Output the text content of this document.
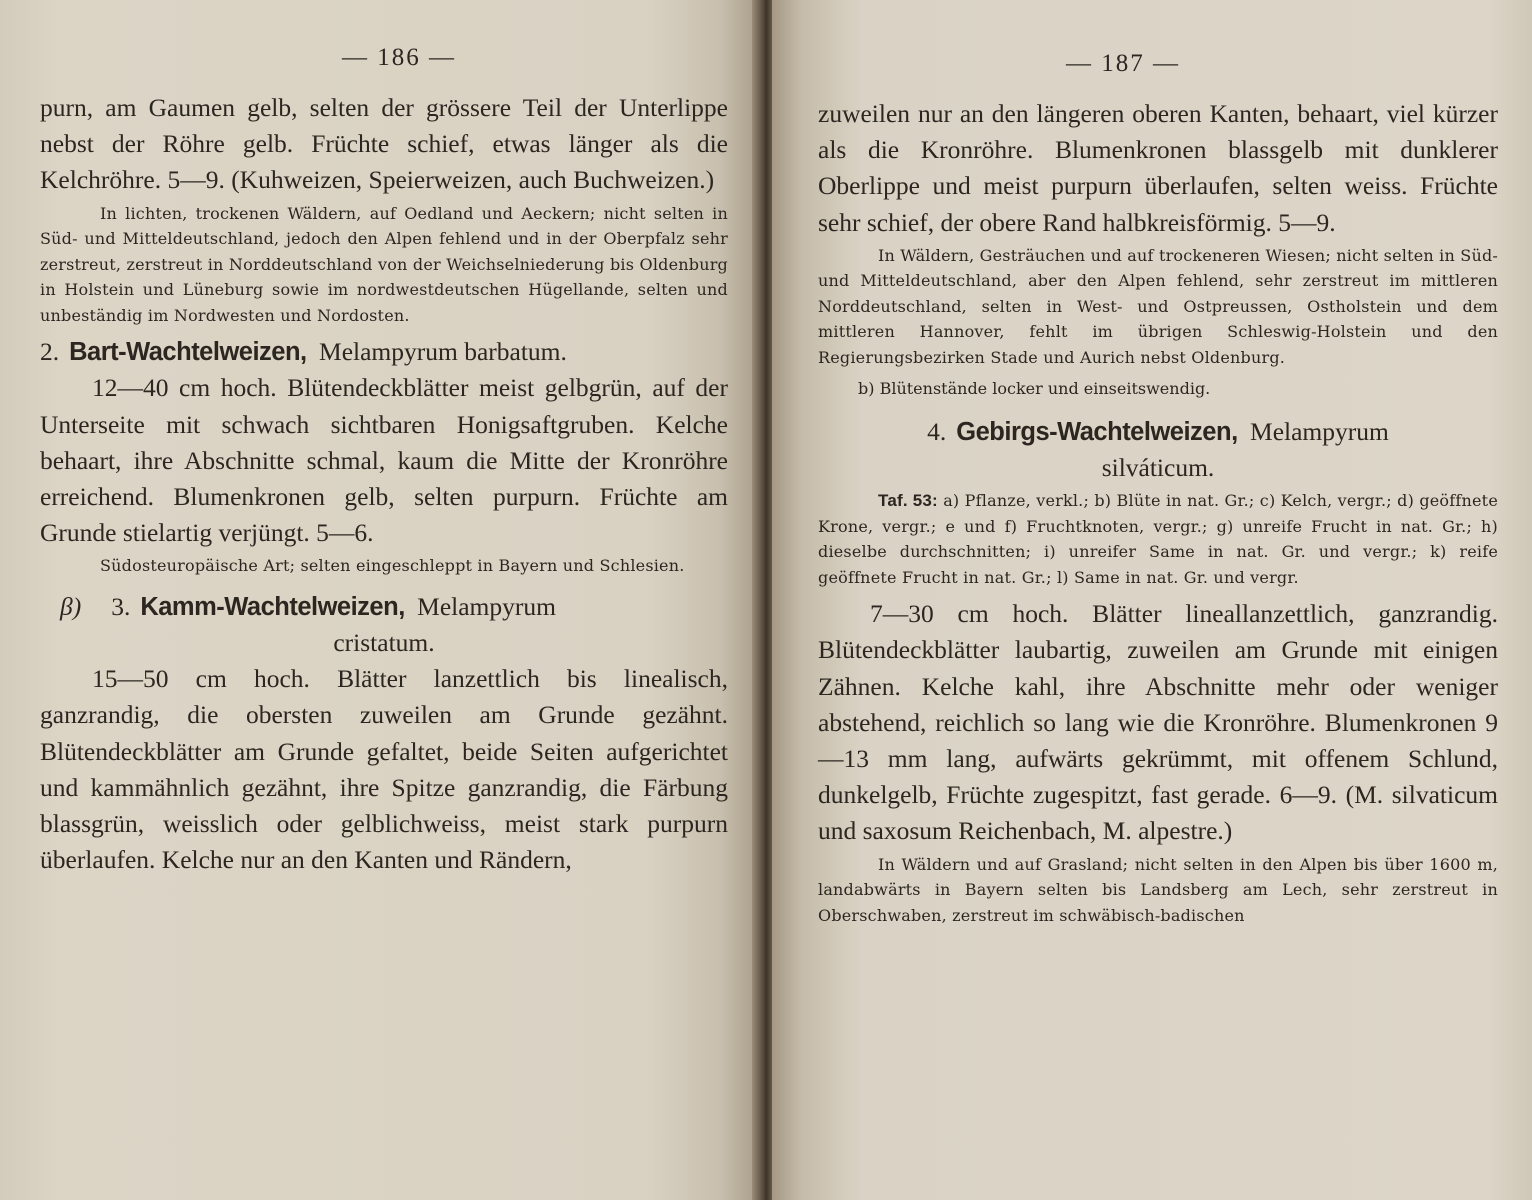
— 186 —

purn, am Gaumen gelb, selten der grössere Teil der Unterlippe nebst der Röhre gelb. Früchte schief, etwas länger als die Kelchröhre. 5—9. (Kuhweizen, Speierweizen, auch Buchweizen.)

In lichten, trockenen Wäldern, auf Oedland und Aeckern; nicht selten in Süd- und Mitteldeutschland, jedoch den Alpen fehlend und in der Oberpfalz sehr zerstreut, zerstreut in Norddeutschland von der Weichselniederung bis Oldenburg in Holstein und Lüneburg sowie im nordwestdeutschen Hügellande, selten und unbeständig im Nordwesten und Nordosten.

2. Bart-Wachtelweizen, Melampyrum barbatum.

12—40 cm hoch. Blütendeckblätter meist gelbgrün, auf der Unterseite mit schwach sichtbaren Honigsaftgruben. Kelche behaart, ihre Abschnitte schmal, kaum die Mitte der Kronröhre erreichend. Blumenkronen gelb, selten purpurn. Früchte am Grunde stielartig verjüngt. 5—6.

Südosteuropäische Art; selten eingeschleppt in Bayern und Schlesien.

β) 3. Kamm-Wachtelweizen, Melampyrum

cristatum.

15—50 cm hoch. Blätter lanzettlich bis linealisch, ganzrandig, die obersten zuweilen am Grunde gezähnt. Blütendeckblätter am Grunde gefaltet, beide Seiten aufgerichtet und kammähnlich gezähnt, ihre Spitze ganzrandig, die Färbung blassgrün, weisslich oder gelblichweiss, meist stark purpurn überlaufen. Kelche nur an den Kanten und Rändern,

— 187 —

zuweilen nur an den längeren oberen Kanten, behaart, viel kürzer als die Kronröhre. Blumenkronen blassgelb mit dunklerer Oberlippe und meist purpurn überlaufen, selten weiss. Früchte sehr schief, der obere Rand halbkreisförmig. 5—9.

In Wäldern, Gesträuchen und auf trockeneren Wiesen; nicht selten in Süd- und Mitteldeutschland, aber den Alpen fehlend, sehr zerstreut im mittleren Norddeutschland, selten in West- und Ostpreussen, Ostholstein und dem mittleren Hannover, fehlt im übrigen Schleswig-Holstein und den Regierungsbezirken Stade und Aurich nebst Oldenburg.

b) Blütenstände locker und einseitswendig.

4. Gebirgs-Wachtelweizen, Melampyrum

silváticum.

Taf. 53: a) Pflanze, verkl.; b) Blüte in nat. Gr.; c) Kelch, vergr.; d) geöffnete Krone, vergr.; e und f) Fruchtknoten, vergr.; g) unreife Frucht in nat. Gr.; h) dieselbe durchschnitten; i) unreifer Same in nat. Gr. und vergr.; k) reife geöffnete Frucht in nat. Gr.; l) Same in nat. Gr. und vergr.

7—30 cm hoch. Blätter lineallanzettlich, ganzrandig. Blütendeckblätter laubartig, zuweilen am Grunde mit einigen Zähnen. Kelche kahl, ihre Abschnitte mehr oder weniger abstehend, reichlich so lang wie die Kronröhre. Blumenkronen 9—13 mm lang, aufwärts gekrümmt, mit offenem Schlund, dunkelgelb, Früchte zugespitzt, fast gerade. 6—9. (M. silvaticum und saxosum Reichenbach, M. alpestre.)

In Wäldern und auf Grasland; nicht selten in den Alpen bis über 1600 m, landabwärts in Bayern selten bis Landsberg am Lech, sehr zerstreut in Oberschwaben, zerstreut im schwäbisch-badischen
